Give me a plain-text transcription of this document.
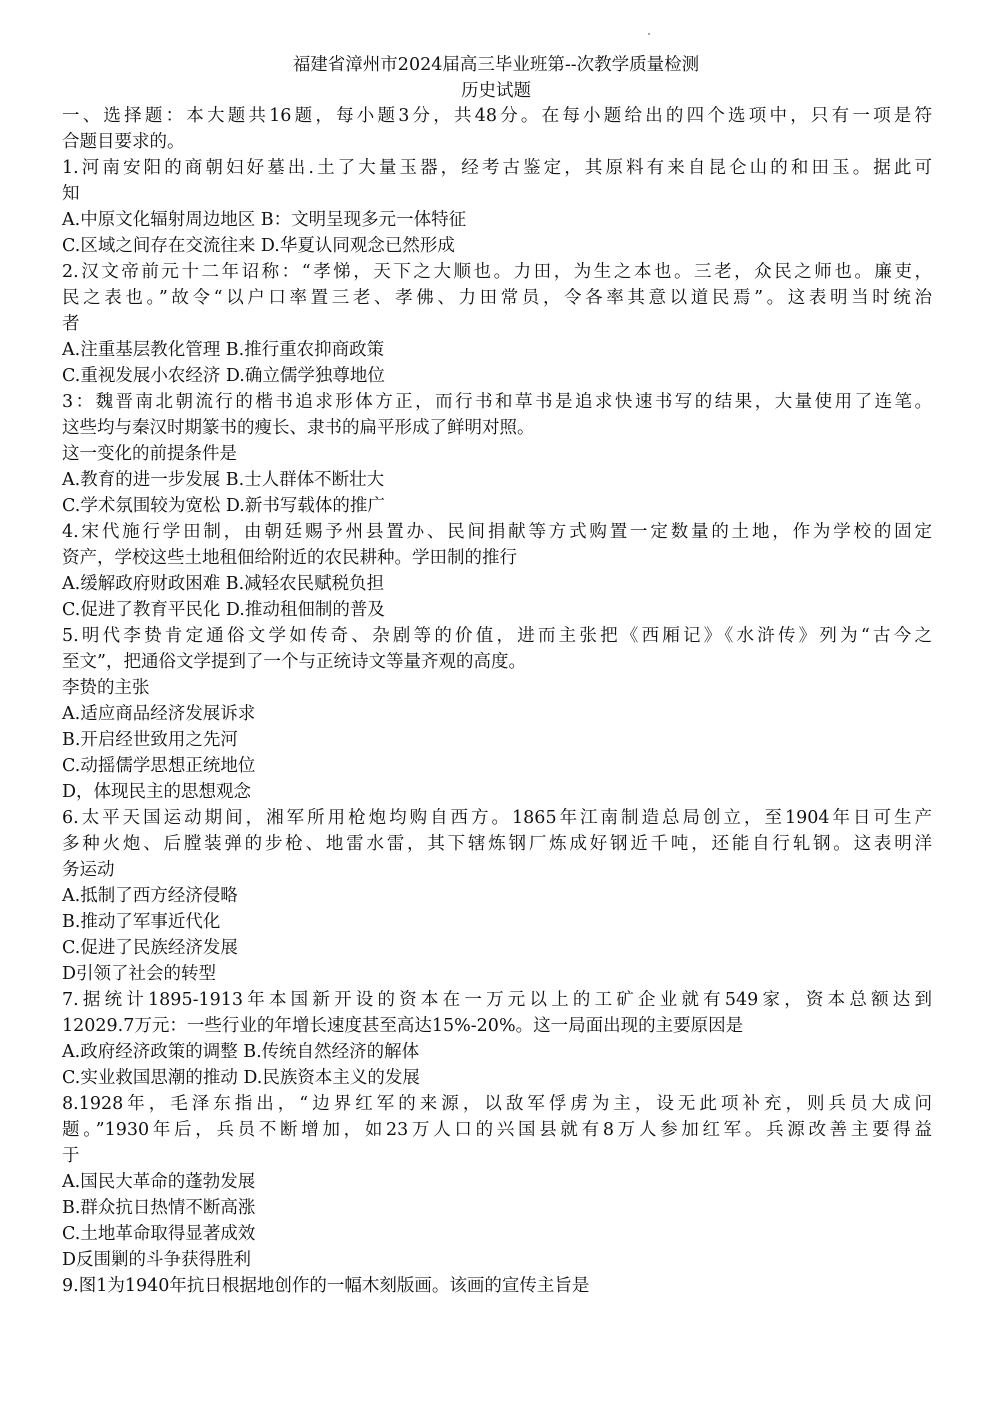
福建省漳州市2024届高三毕业班第--次教学质量检测
历史试题
一、选择题：本大题共16题，每小题3分，共48分。在每小题给出的四个选项中，只有一项是符
合题目要求的。
1.河南安阳的商朝妇好墓出.土了大量玉器，经考古鉴定，其原料有来自昆仑山的和田玉。据此可
知
A.中原文化辐射周边地区 B：文明呈现多元一体特征
C.区域之间存在交流往来 D.华夏认同观念已然形成
2.汉文帝前元十二年诏称：“孝悌，天下之大顺也。力田，为生之本也。三老，众民之师也。廉吏，
民之表也。”故令“以户口率置三老、孝佛、力田常员，令各率其意以道民焉”。这表明当时统治
者
A.注重基层教化管理 B.推行重农抑商政策
C.重视发展小农经济 D.确立儒学独尊地位
3：魏晋南北朝流行的楷书追求形体方正，而行书和草书是追求快速书写的结果，大量使用了连笔。
这些均与秦汉时期篆书的瘦长、隶书的扁平形成了鲜明对照。
这一变化的前提条件是
A.教育的进一步发展 B.士人群体不断壮大
C.学术氛围较为宽松 D.新书写载体的推广
4.宋代施行学田制，由朝廷赐予州县置办、民间捐献等方式购置一定数量的土地，作为学校的固定
资产，学校这些土地租佃给附近的农民耕种。学田制的推行
A.缓解政府财政困难 B.减轻农民赋税负担
C.促进了教育平民化 D.推动租佃制的普及
5.明代李贽肯定通俗文学如传奇、杂剧等的价值，进而主张把《西厢记》《水浒传》列为“古今之
至文”，把通俗文学提到了一个与正统诗文等量齐观的高度。
李贽的主张
A.适应商品经济发展诉求
B.开启经世致用之先河
C.动摇儒学思想正统地位
D，体现民主的思想观念
6.太平天国运动期间，湘军所用枪炮均购自西方。1865年江南制造总局创立，至1904年日可生产
多种火炮、后膛装弹的步枪、地雷水雷，其下辖炼钢厂炼成好钢近千吨，还能自行轧钢。这表明洋
务运动
A.抵制了西方经济侵略
B.推动了军事近代化
C.促进了民族经济发展
D引领了社会的转型
7.据统计1895-1913年本国新开设的资本在一万元以上的工矿企业就有549家，资本总额达到
12029.7万元：一些行业的年增长速度甚至高达15%-20%。这一局面出现的主要原因是
A.政府经济政策的调整 B.传统自然经济的解体
C.实业救国思潮的推动 D.民族资本主义的发展
8.1928年，毛泽东指出，“边界红军的来源，以敌军俘虏为主，设无此项补充，则兵员大成问
题。”1930年后，兵员不断增加，如23万人口的兴国县就有8万人参加红军。兵源改善主要得益
于
A.国民大革命的蓬勃发展
B.群众抗日热情不断高涨
C.土地革命取得显著成效
D反围剿的斗争获得胜利
9.图1为1940年抗日根据地创作的一幅木刻版画。该画的宣传主旨是
